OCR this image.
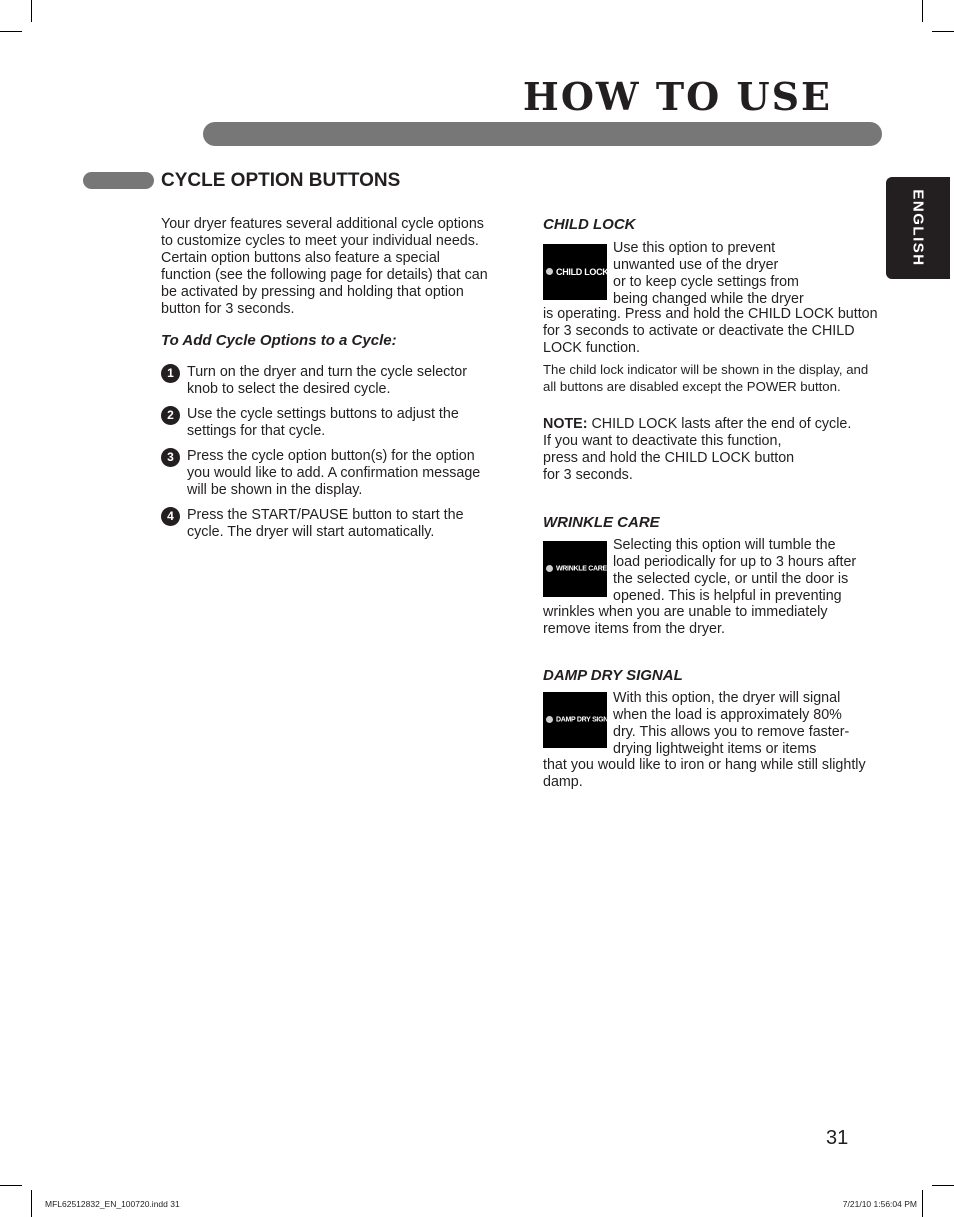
HOW TO USE
ENGLISH
CYCLE OPTION BUTTONS

Your dryer features several additional cycle options to customize cycles to meet your individual needs. Certain option buttons also feature a special function (see the following page for details) that can be activated by pressing and holding that option button for 3 seconds.

To Add Cycle Options to a Cycle:
1 Turn on the dryer and turn the cycle selector knob to select the desired cycle.

2 Use the cycle settings buttons to adjust the settings for that cycle.

3 Press the cycle option button(s) for the option you would like to add. A confirmation message will be shown in the display.

4 Press the START/PAUSE button to start the cycle. The dryer will start automatically.

CHILD LOCK
CHILD LOCK

Use this option to prevent

unwanted use of the dryer

or to keep cycle settings from

being changed while the dryer

is operating. Press and hold the CHILD LOCK button for 3 seconds to activate or deactivate the CHILD LOCK function.

The child lock indicator will be shown in the display, and all buttons are disabled except the POWER button.

NOTE: CHILD LOCK lasts after the end of cycle.

If you want to deactivate this function,

press and hold the CHILD LOCK button

for 3 seconds.

WRINKLE CARE
WRINKLE CARE

Selecting this option will tumble the

load periodically for up to 3 hours after

the selected cycle, or until the door is

opened. This is helpful in preventing

wrinkles when you are unable to immediately remove items from the dryer.

DAMP DRY SIGNAL
DAMP DRY SIGNAL

With this option, the dryer will signal

when the load is approximately 80%

dry. This allows you to remove faster-

drying lightweight items or items

that you would like to iron or hang while still slightly damp.

31

MFL62512832_EN_100720.indd 31	7/21/10 1:56:04 PM
